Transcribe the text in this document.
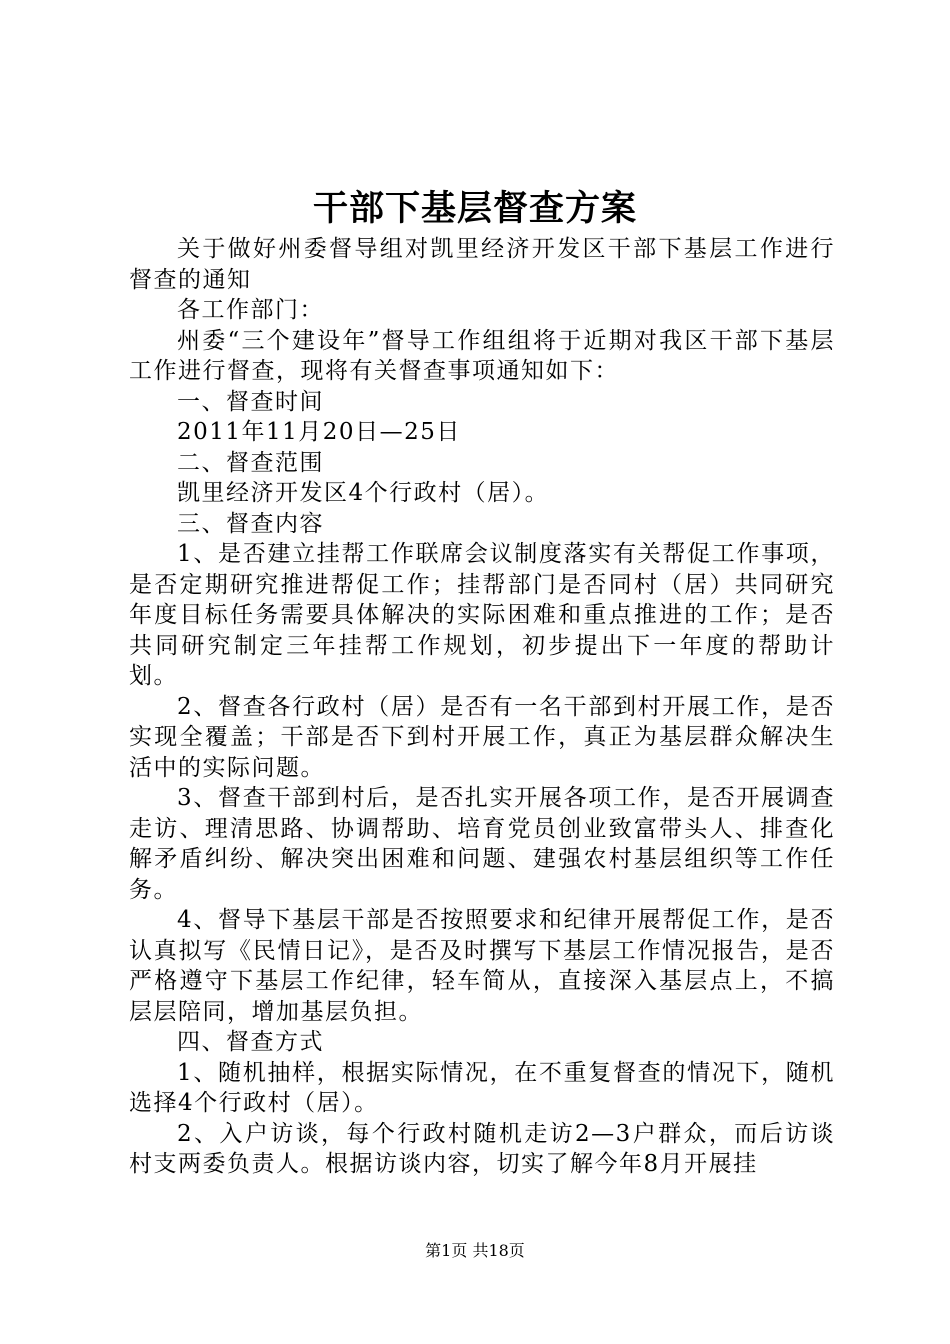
干部下基层督查方案

关于做好州委督导组对凯里经济开发区干部下基层工作进行督查的通知

各工作部门：

州委“三个建设年”督导工作组组将于近期对我区干部下基层工作进行督查，现将有关督查事项通知如下：

一、督查时间

2011年11月20日—25日

二、督查范围

凯里经济开发区4个行政村（居）。

三、督查内容

1、是否建立挂帮工作联席会议制度落实有关帮促工作事项，是否定期研究推进帮促工作；挂帮部门是否同村（居）共同研究年度目标任务需要具体解决的实际困难和重点推进的工作；是否共同研究制定三年挂帮工作规划，初步提出下一年度的帮助计划。

2、督查各行政村（居）是否有一名干部到村开展工作，是否实现全覆盖；干部是否下到村开展工作，真正为基层群众解决生活中的实际问题。

3、督查干部到村后，是否扎实开展各项工作，是否开展调查走访、理清思路、协调帮助、培育党员创业致富带头人、排查化解矛盾纠纷、解决突出困难和问题、建强农村基层组织等工作任务。

4、督导下基层干部是否按照要求和纪律开展帮促工作，是否认真拟写《民情日记》，是否及时撰写下基层工作情况报告，是否严格遵守下基层工作纪律，轻车简从，直接深入基层点上，不搞层层陪同，增加基层负担。

四、督查方式

1、随机抽样，根据实际情况，在不重复督查的情况下，随机选择4个行政村（居）。

2、入户访谈，每个行政村随机走访2—3户群众，而后访谈村支两委负责人。根据访谈内容，切实了解今年8月开展挂

第1页 共18页
